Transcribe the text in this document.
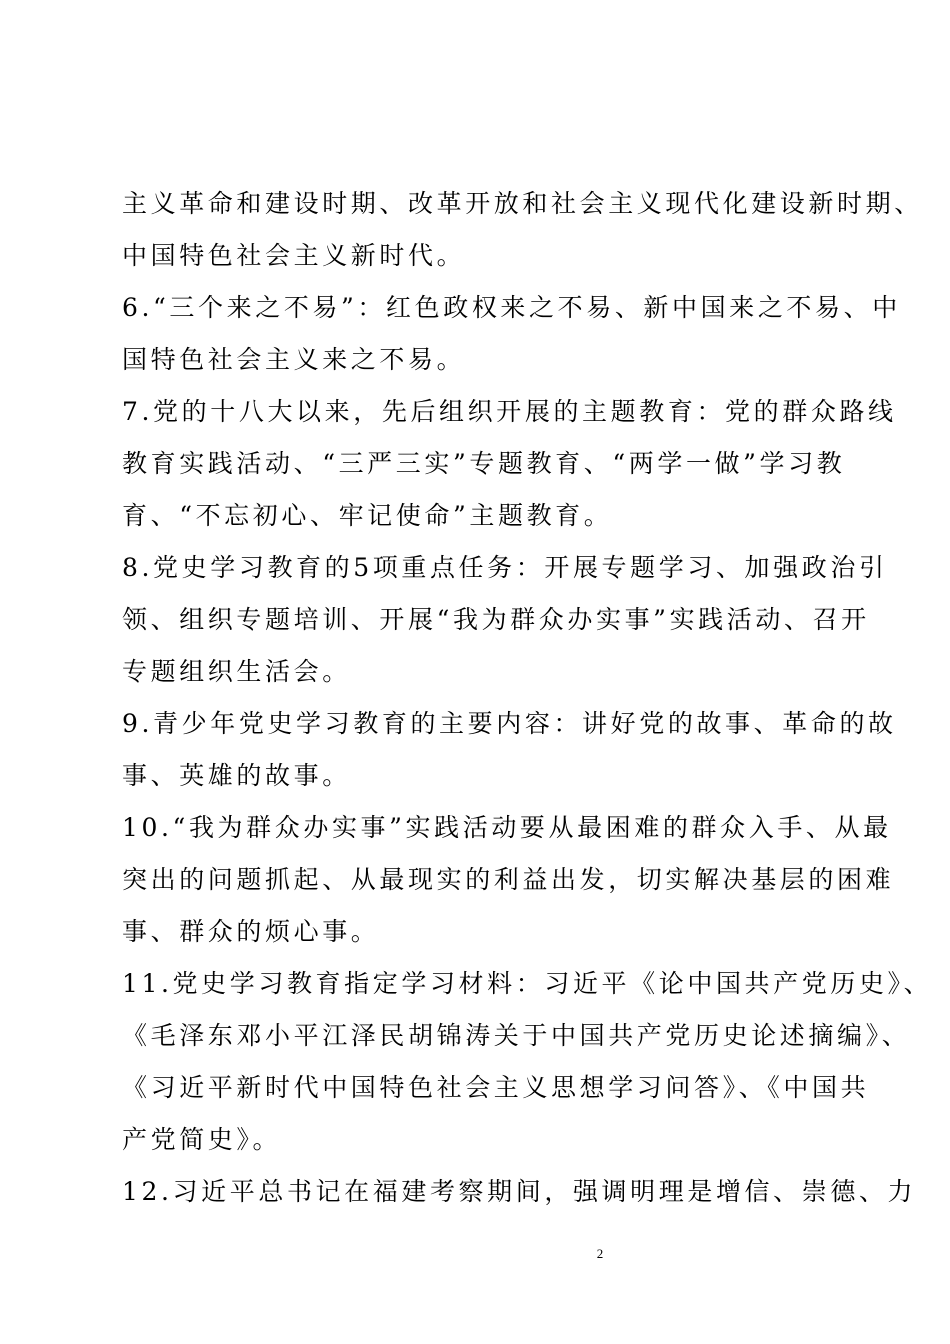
主义革命和建设时期、改革开放和社会主义现代化建设新时期、
中国特色社会主义新时代。
6.“三个来之不易”：红色政权来之不易、新中国来之不易、中
国特色社会主义来之不易。
7.党的十八大以来，先后组织开展的主题教育：党的群众路线
教育实践活动、“三严三实”专题教育、“两学一做”学习教
育、“不忘初心、牢记使命”主题教育。
8.党史学习教育的5项重点任务：开展专题学习、加强政治引
领、组织专题培训、开展“我为群众办实事”实践活动、召开
专题组织生活会。
9.青少年党史学习教育的主要内容：讲好党的故事、革命的故
事、英雄的故事。
10.“我为群众办实事”实践活动要从最困难的群众入手、从最
突出的问题抓起、从最现实的利益出发，切实解决基层的困难
事、群众的烦心事。
11.党史学习教育指定学习材料：习近平《论中国共产党历史》、
《毛泽东邓小平江泽民胡锦涛关于中国共产党历史论述摘编》、
《习近平新时代中国特色社会主义思想学习问答》、《中国共
产党简史》。
12.习近平总书记在福建考察期间，强调明理是增信、崇德、力
2
